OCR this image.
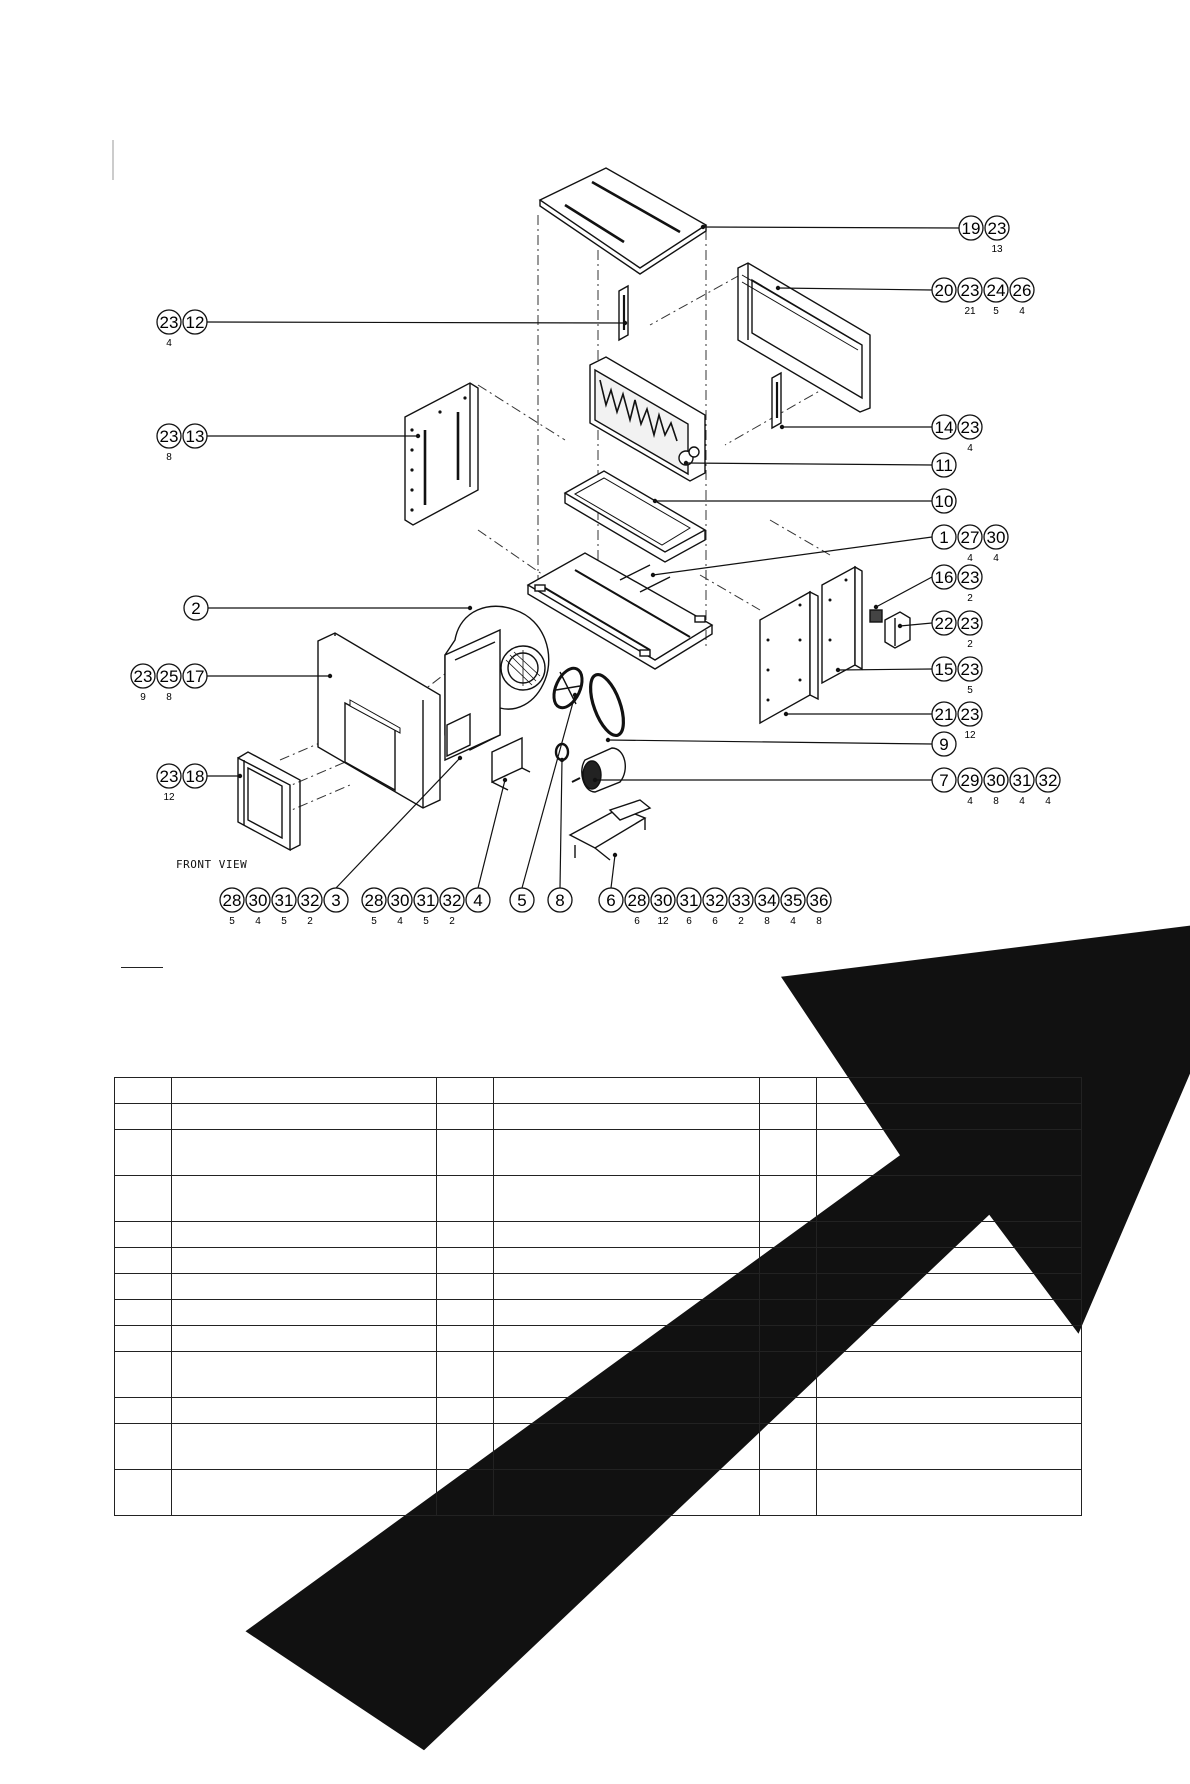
19 23
13
20 23
21
24
5
26
4
23
4
12
23
8
13	14 23
4
11
10
1 27
4
30
4
16 23
2
2
22 23
2
23
9
25
8
17	15 23
5
21 23
12
9
23
12
18	7 29
4
30
8
31
4
32
4
28
5
30
4
31
5
32
2
3 28
5
30
4
31
5
32
2
4 5 8 6 28
6
30
12
31
6
32
6
33
2
34
8
35
4
36
8
FRONT VIEW
